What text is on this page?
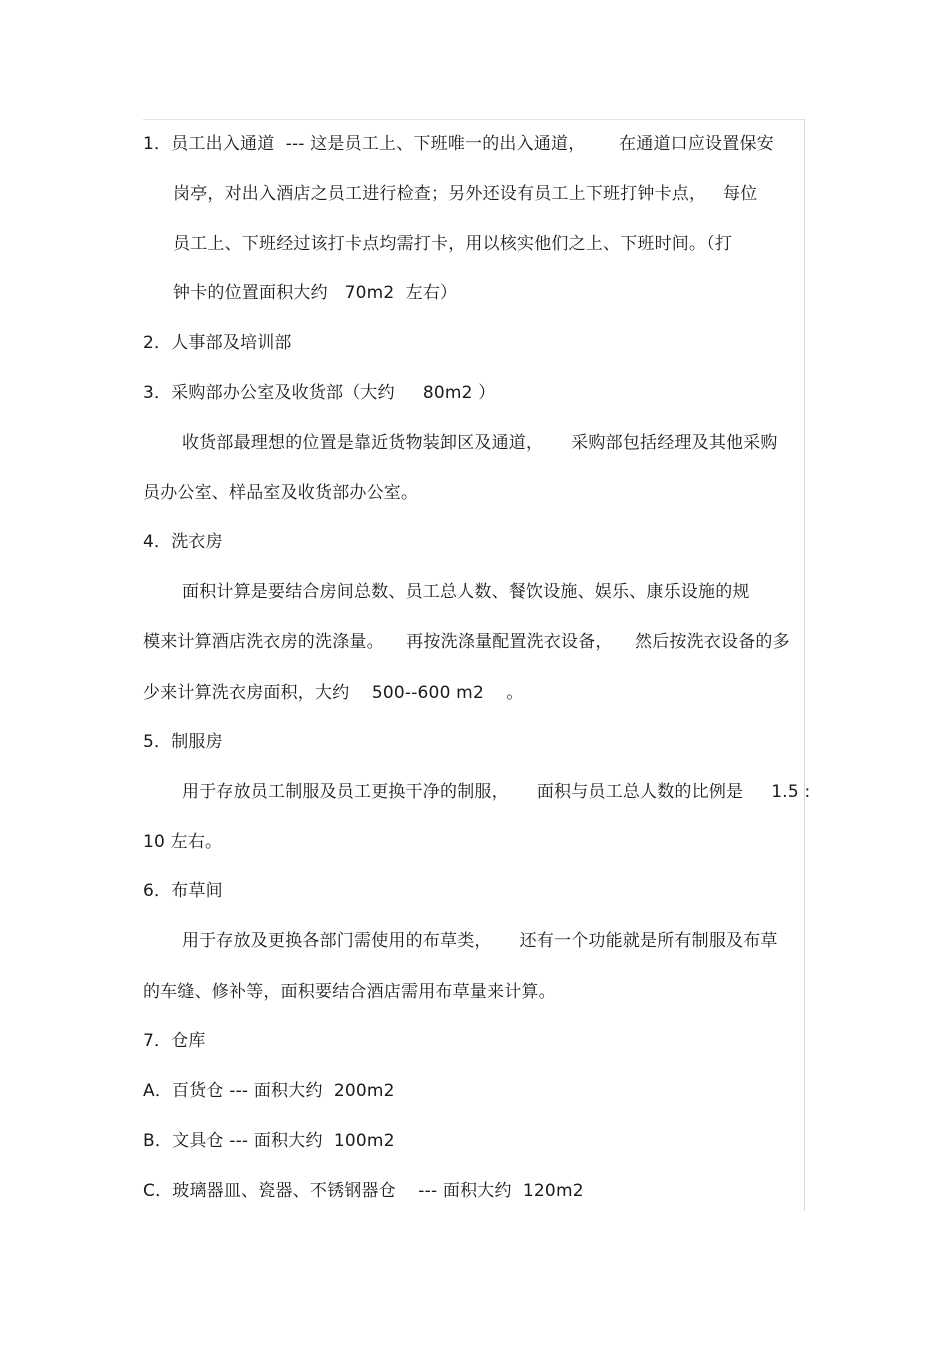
1．员工出入通道  --- 这是员工上、下班唯一的出入通道，      在通道口应设置保安
岗亭，对出入酒店之员工进行检查；另外还设有员工上下班打钟卡点，   每位
员工上、下班经过该打卡点均需打卡，用以核实他们之上、下班时间。（打
钟卡的位置面积大约   70m2  左右）
2．人事部及培训部
3．采购部办公室及收货部（大约     80m2 ）
收货部最理想的位置是靠近货物装卸区及通道，     采购部包括经理及其他采购
员办公室、样品室及收货部办公室。
4．洗衣房
面积计算是要结合房间总数、员工总人数、餐饮设施、娱乐、康乐设施的规
模来计算酒店洗衣房的洗涤量。    再按洗涤量配置洗衣设备，    然后按洗衣设备的多
少来计算洗衣房面积，大约    500--600 m2    。
5．制服房
用于存放员工制服及员工更换干净的制服，     面积与员工总人数的比例是     1.5 :
10 左右。
6．布草间
用于存放及更换各部门需使用的布草类，     还有一个功能就是所有制服及布草
的车缝、修补等，面积要结合酒店需用布草量来计算。
7．仓库
A．百货仓 --- 面积大约  200m2
B．文具仓 --- 面积大约  100m2
C．玻璃器皿、瓷器、不锈钢器仓    --- 面积大约  120m2
